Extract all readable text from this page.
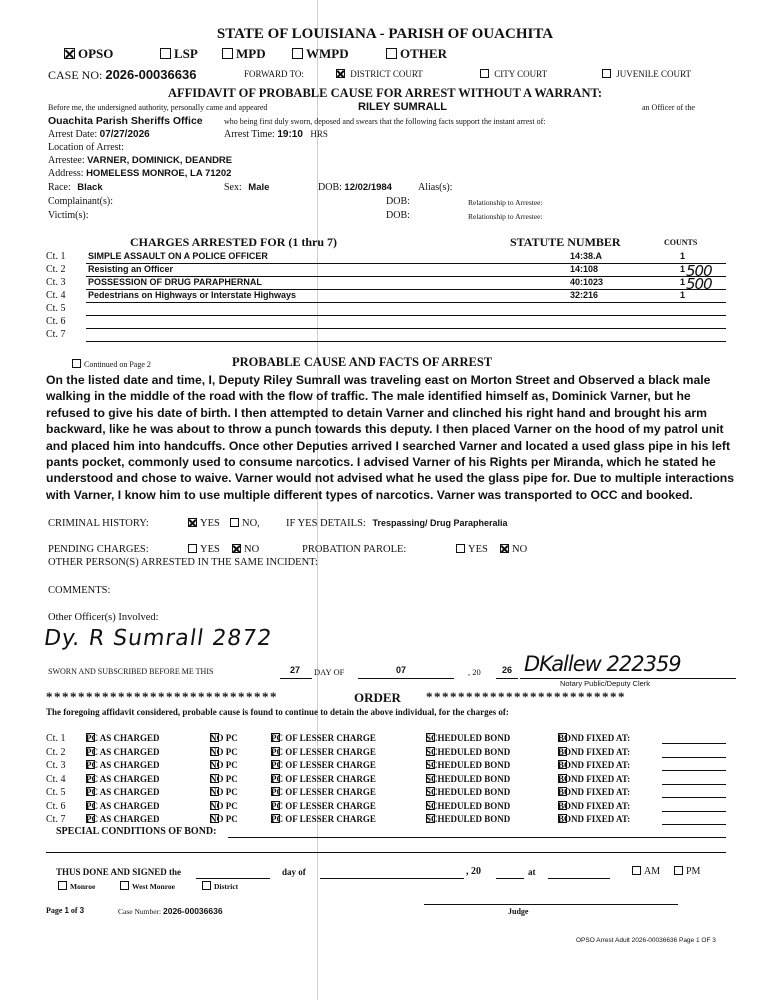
STATE OF LOUISIANA - PARISH OF OUACHITA
OPSO	LSP	MPD	WMPD	OTHER
CASE NO: 2026-00036636	FORWARD TO:	DISTRICT COURT	CITY COURT	JUVENILE COURT
AFFIDAVIT OF PROBABLE CAUSE FOR ARREST WITHOUT A WARRANT:
Before me, the undersigned authority, personally came and appeared	RILEY SUMRALL	an Officer of the
Ouachita Parish Sheriffs Office	who being first duly sworn, deposed and swears that the following facts support the instant arrest of:
Arrest Date: 07/27/2026	Arrest Time: 19:10 HRS
Location of Arrest:
Arrestee: VARNER, DOMINICK, DEANDRE
Address: HOMELESS MONROE, LA 71202
Race: Black	Sex: Male	DOB: 12/02/1984	Alias(s):
Complainant(s):	DOB:	Relationship to Arrestee:
Victim(s):	DOB:	Relationship to Arrestee:
CHARGES ARRESTED FOR (1 thru 7)	STATUTE NUMBER	COUNTS
Ct. 1	SIMPLE ASSAULT ON A POLICE OFFICER	14:38.A	1
Ct. 2	Resisting an Officer	14:108	1
Ct. 3	POSSESSION OF DRUG PARAPHERNAL	40:1023	1
Ct. 4	Pedestrians on Highways or Interstate Highways	32:216	1
Ct. 5
Ct. 6
Ct. 7
500
500
Continued on Page 2	PROBABLE CAUSE AND FACTS OF ARREST
On the listed date and time, I, Deputy Riley Sumrall was traveling east on Morton Street and Observed a black male walking in the middle of the road with the flow of traffic. The male identified himself as, Dominick Varner, but he refused to give his date of birth. I then attempted to detain Varner and clinched his right hand and brought his arm backward, like he was about to throw a punch towards this deputy. I then placed Varner on the hood of my patrol unit and placed him into handcuffs. Once other Deputies arrived I searched Varner and located a used glass pipe in his left pants pocket, commonly used to consume narcotics. I advised Varner of his Rights per Miranda, which he stated he understood and chose to waive. Varner would not advised what he used the glass pipe for. Due to multiple interactions with Varner, I know him to use multiple different types of narcotics. Varner was transported to OCC and booked.
CRIMINAL HISTORY:	YES	NO, IF YES DETAILS: Trespassing/ Drug Parapheralia
PENDING CHARGES:	YES	NO	PROBATION PAROLE:	YES	NO
OTHER PERSON(S) ARRESTED IN THE SAME INCIDENT:
COMMENTS:
Other Officer(s) Involved:
Dy. R Sumrall 2872
SWORN AND SUBSCRIBED BEFORE ME THIS	27 DAY OF	07	, 20 26 DKallew 222359
Notary Public/Deputy Clerk
*****************************	ORDER *************************
The foregoing affidavit considered, probable cause is found to continue to detain the above individual, for the charges of:
Ct. 1 PC AS CHARGED	NO PC	PC OF LESSER CHARGE	SCHEDULED BOND	BOND FIXED AT:
Ct. 2 PC AS CHARGED	NO PC	PC OF LESSER CHARGE	SCHEDULED BOND	BOND FIXED AT:
Ct. 3 PC AS CHARGED	NO PC	PC OF LESSER CHARGE	SCHEDULED BOND	BOND FIXED AT:
Ct. 4 PC AS CHARGED	NO PC	PC OF LESSER CHARGE	SCHEDULED BOND	BOND FIXED AT:
Ct. 5 PC AS CHARGED	NO PC	PC OF LESSER CHARGE	SCHEDULED BOND	BOND FIXED AT:
Ct. 6 PC AS CHARGED	NO PC	PC OF LESSER CHARGE	SCHEDULED BOND	BOND FIXED AT:
Ct. 7 PC AS CHARGED	NO PC	PC OF LESSER CHARGE	SCHEDULED BOND	BOND FIXED AT:
SPECIAL CONDITIONS OF BOND:
THUS DONE AND SIGNED the	day of	, 20	at	AM	PM
Monroe	West Monroe	District
Judge
Page 1 of 3	Case Number: 2026-00036636
OPSO Arrest Adult 2026-00036636 Page 1 OF 3
